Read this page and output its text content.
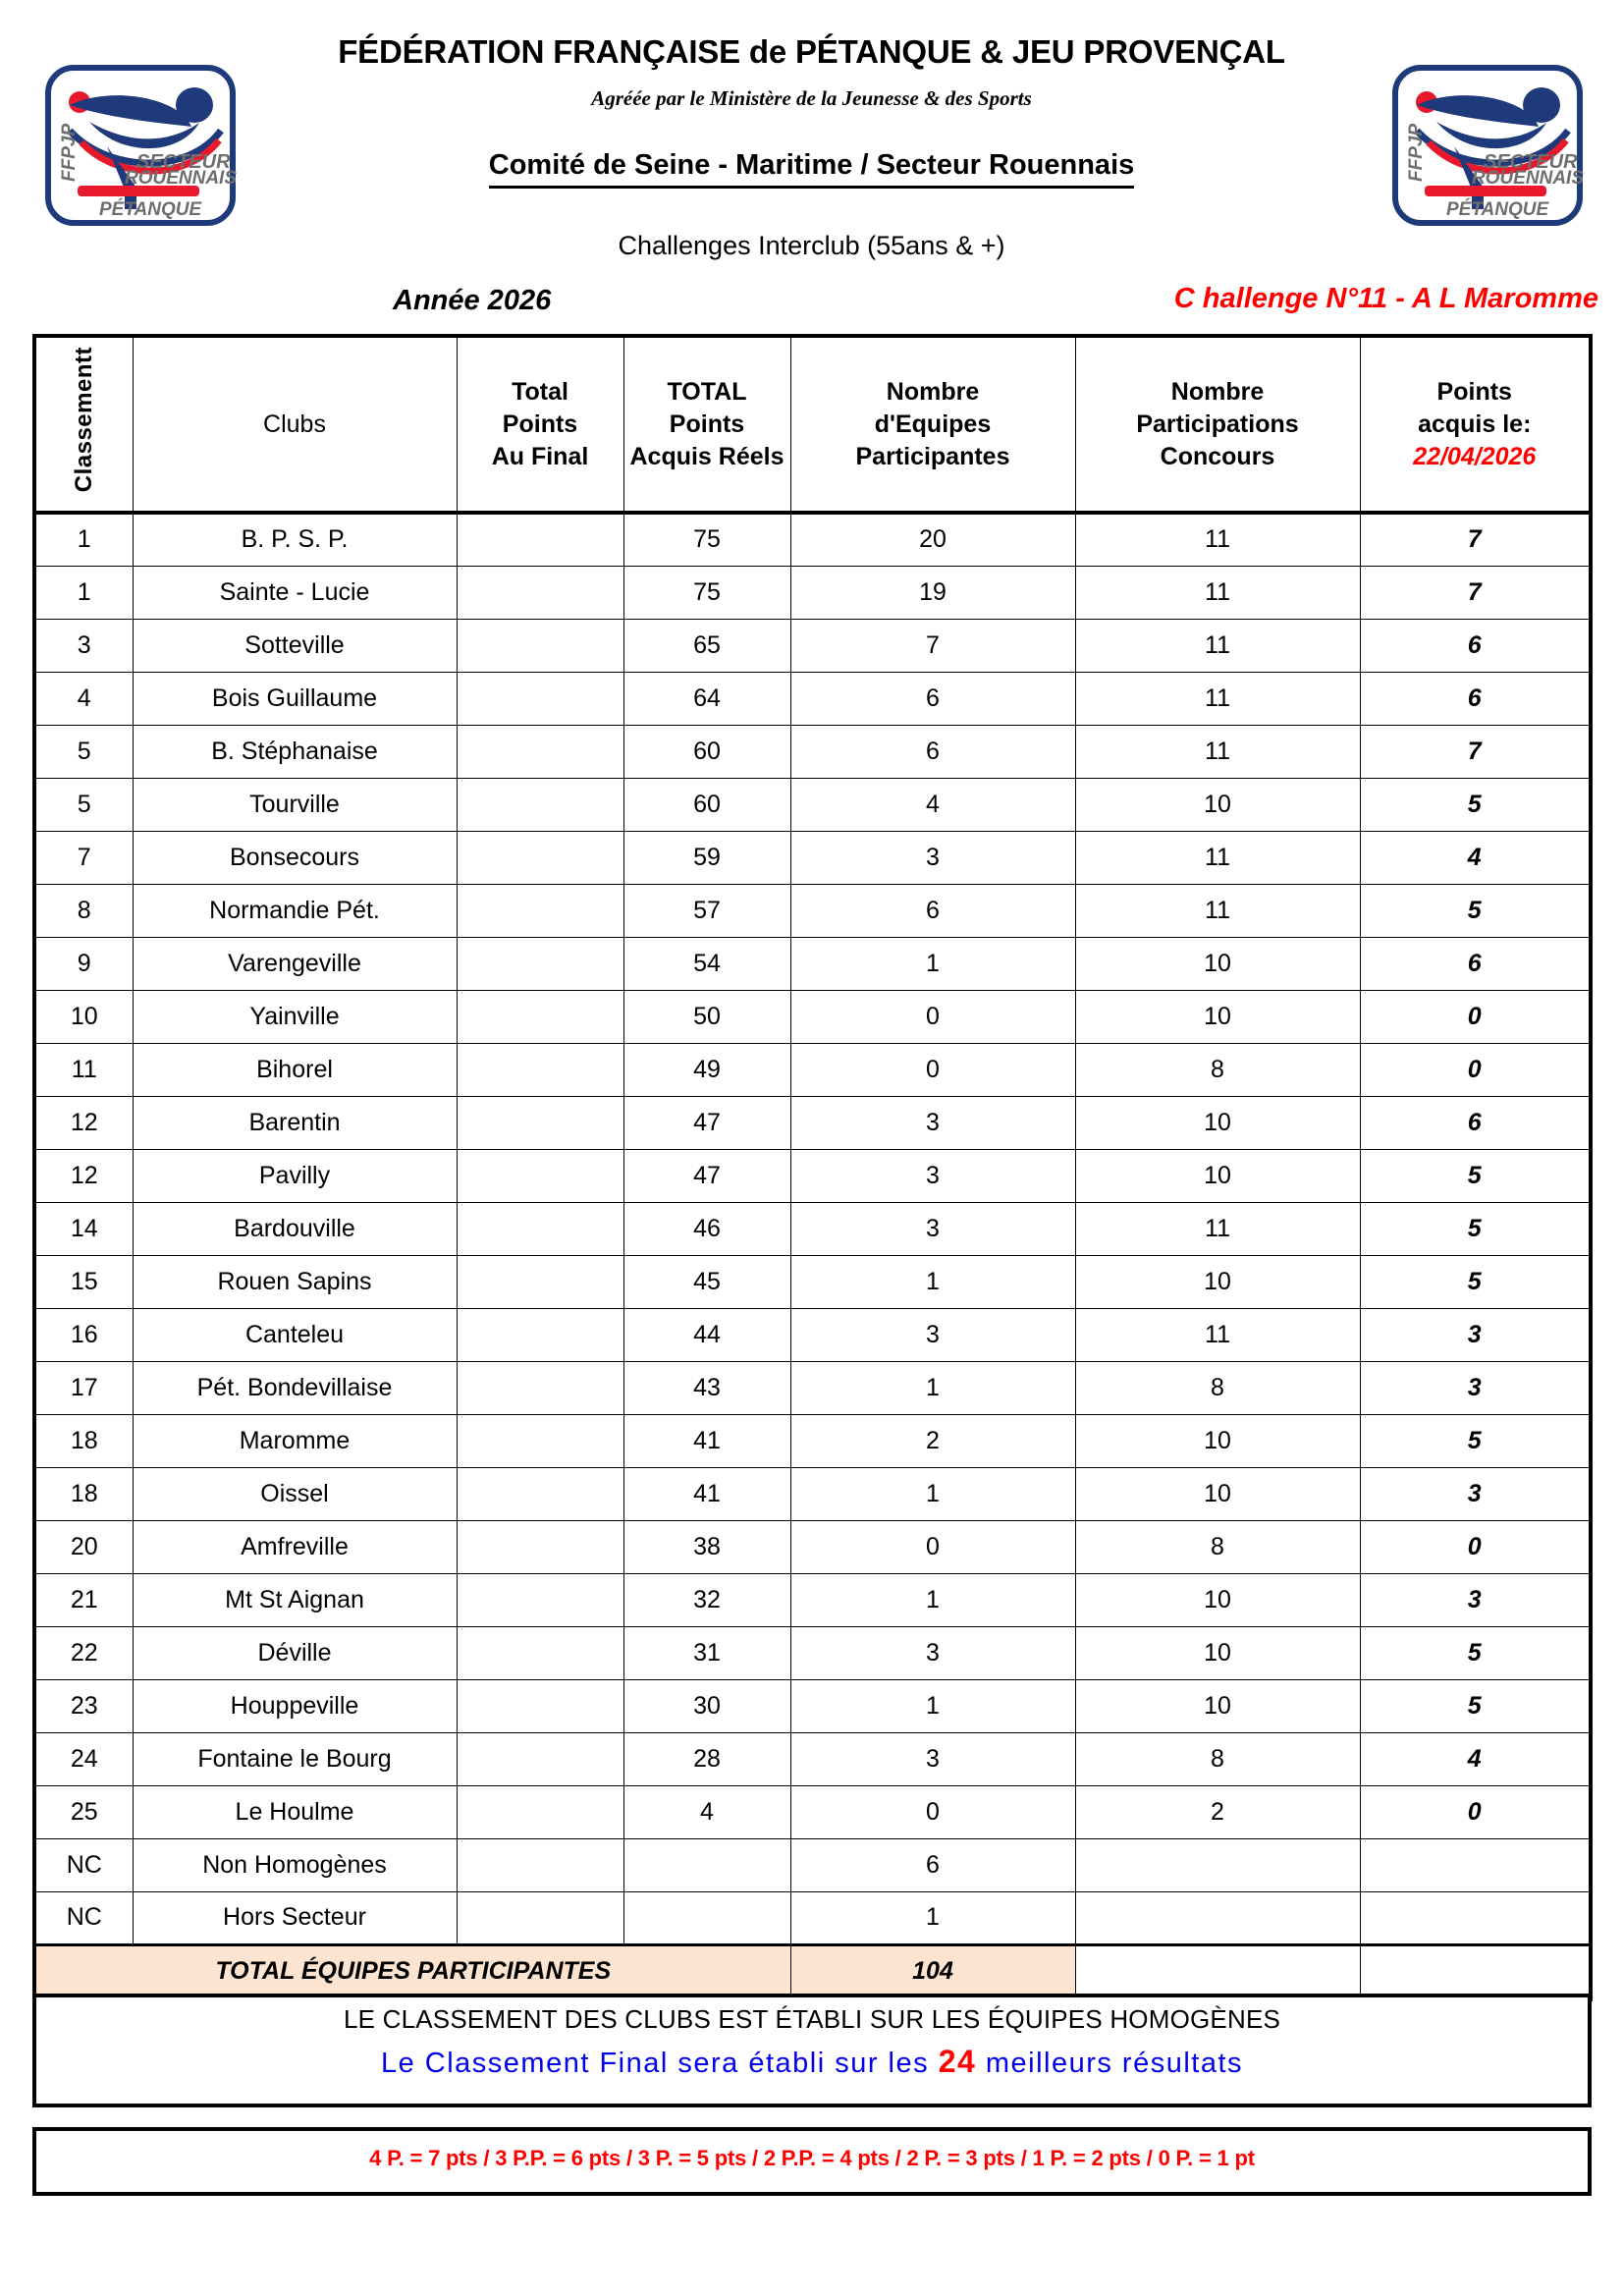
FFPJP	SECTEUR
ROUENNAIS
PÉTANQUE
FFPJP	SECTEUR
ROUENNAIS
PÉTANQUE
FÉDÉRATION FRANÇAISE de PÉTANQUE & JEU PROVENÇAL
Agréée par le Ministère de la Jeunesse & des Sports
Comité de Seine - Maritime / Secteur Rouennais
Challenges Interclub (55ans & +)
Année 2026	C hallenge N°11 - A L Maromme
Classementt	Clubs	
Total
Points
Au Final

TOTAL
Points
Acquis Réels

Nombre
d'Equipes
Participantes

Nombre
Participations
Concours

Points
acquis le:
22/04/2026

1	B. P. S. P.		75	20	11	7
1	Sainte - Lucie		75	19	11	7
3	Sotteville		65	7	11	6
4	Bois Guillaume		64	6	11	6
5	B. Stéphanaise		60	6	11	7
5	Tourville		60	4	10	5
7	Bonsecours		59	3	11	4
8	Normandie Pét.		57	6	11	5
9	Varengeville		54	1	10	6
10	Yainville		50	0	10	0
11	Bihorel		49	0	8	0
12	Barentin		47	3	10	6
12	Pavilly		47	3	10	5
14	Bardouville		46	3	11	5
15	Rouen Sapins		45	1	10	5
16	Canteleu		44	3	11	3
17	Pét. Bondevillaise		43	1	8	3
18	Maromme		41	2	10	5
18	Oissel		41	1	10	3
20	Amfreville		38	0	8	0
21	Mt St Aignan		32	1	10	3
22	Déville		31	3	10	5
23	Houppeville		30	1	10	5
24	Fontaine le Bourg		28	3	8	4
25	Le Houlme		4	0	2	0
NC	Non Homogènes			6		
NC	Hors Secteur			1		
TOTAL ÉQUIPES PARTICIPANTES				104		
LE CLASSEMENT DES CLUBS EST ÉTABLI SUR LES ÉQUIPES HOMOGÈNES
Le Classement Final sera établi sur les 24 meilleurs résultats
4 P. = 7 pts / 3 P.P. = 6 pts / 3 P. = 5 pts / 2 P.P. = 4 pts / 2 P. = 3 pts / 1 P. = 2 pts / 0 P. = 1 pt
